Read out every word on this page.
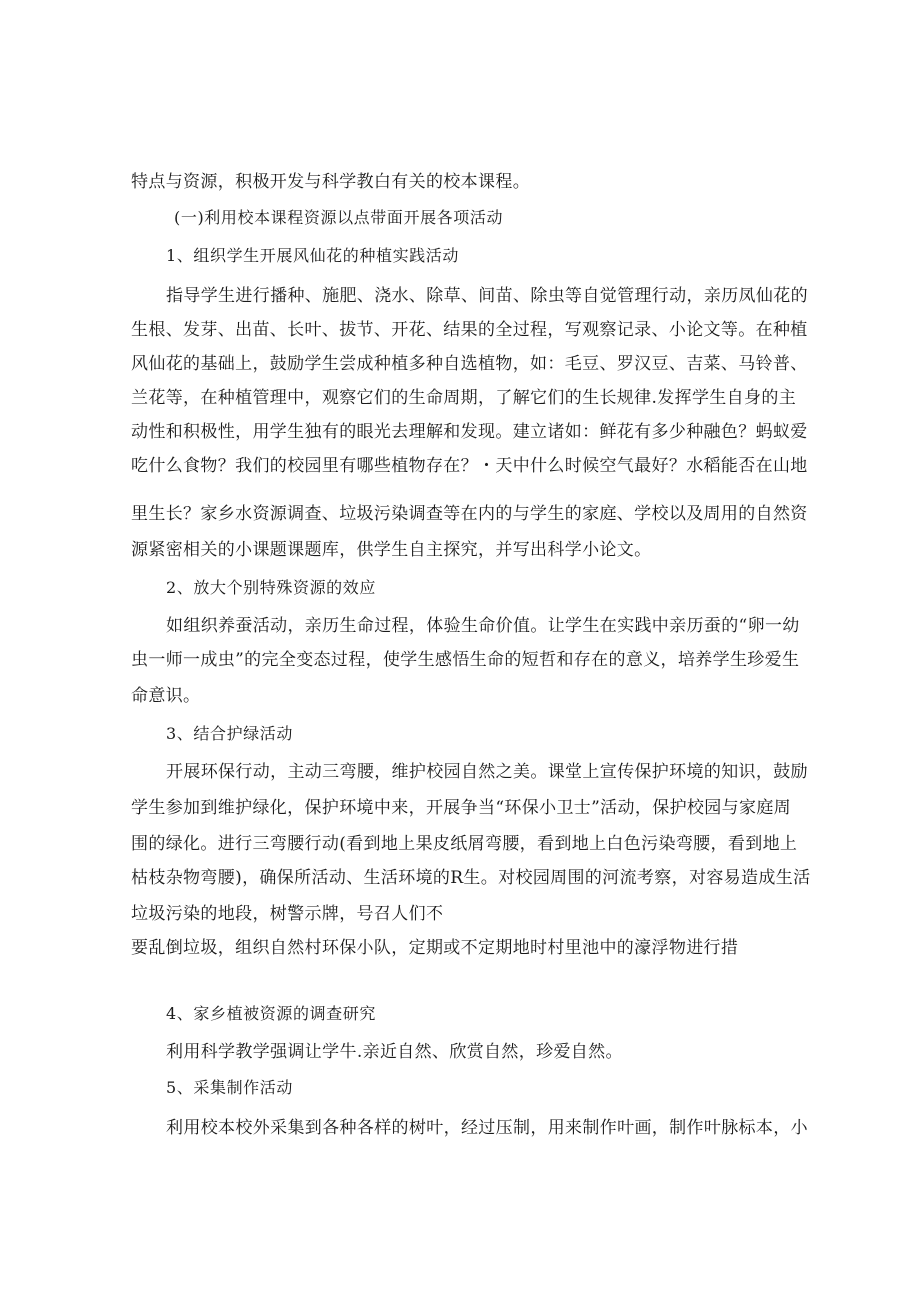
特点与资源，积极开发与科学教白有关的校本课程。
(一)利用校本课程资源以点带面开展各项活动
1、组织学生开展风仙花的种植实践活动
指导学生进行播种、施肥、浇水、除草、间苗、除虫等自觉管理行动，亲历凤仙花的
生根、发芽、出苗、长叶、拔节、开花、结果的全过程，写观察记录、小论文等。在种植
风仙花的基础上，鼓励学生尝成种植多种自选植物，如：毛豆、罗汉豆、吉菜、马铃普、
兰花等，在种植管理中，观察它们的生命周期，了解它们的生长规律.发挥学生自身的主
动性和积极性，用学生独有的眼光去理解和发现。建立诸如：鲜花有多少种融色？蚂蚁爱
吃什么食物？我们的校园里有哪些植物存在？・天中什么时候空气最好？水稻能否在山地
里生长？家乡水资源调查、垃圾污染调查等在内的与学生的家庭、学校以及周用的自然资
源紧密相关的小课题课题库，供学生自主探究，并写出科学小论文。
2、放大个别特殊资源的效应
如组织养蚕活动，亲历生命过程，体验生命价值。让学生在实践中亲历蚕的“卵一幼
虫一师一成虫”的完全变态过程，使学生感悟生命的短哲和存在的意义，培养学生珍爱生
命意识。
3、结合护绿活动
开展环保行动，主动三弯腰，维护校园自然之美。课堂上宣传保护环境的知识，鼓励
学生参加到维护绿化，保护环境中来，开展争当“环保小卫士”活动，保护校园与家庭周
围的绿化。进行三弯腰行动(看到地上果皮纸屑弯腰，看到地上白色污染弯腰，看到地上
枯枝杂物弯腰)，确保所活动、生活环境的R生。对校园周围的河流考察，对容易造成生活
垃圾污染的地段，树警示牌，号召人们不
要乱倒垃圾，组织自然村环保小队，定期或不定期地时村里池中的濠浮物进行措
4、家乡植被资源的调查研究
利用科学教学强调让学牛.亲近自然、欣赏自然，珍爱自然。
5、采集制作活动
利用校本校外采集到各种各样的树叶，经过压制，用来制作叶画，制作叶脉标本，小
